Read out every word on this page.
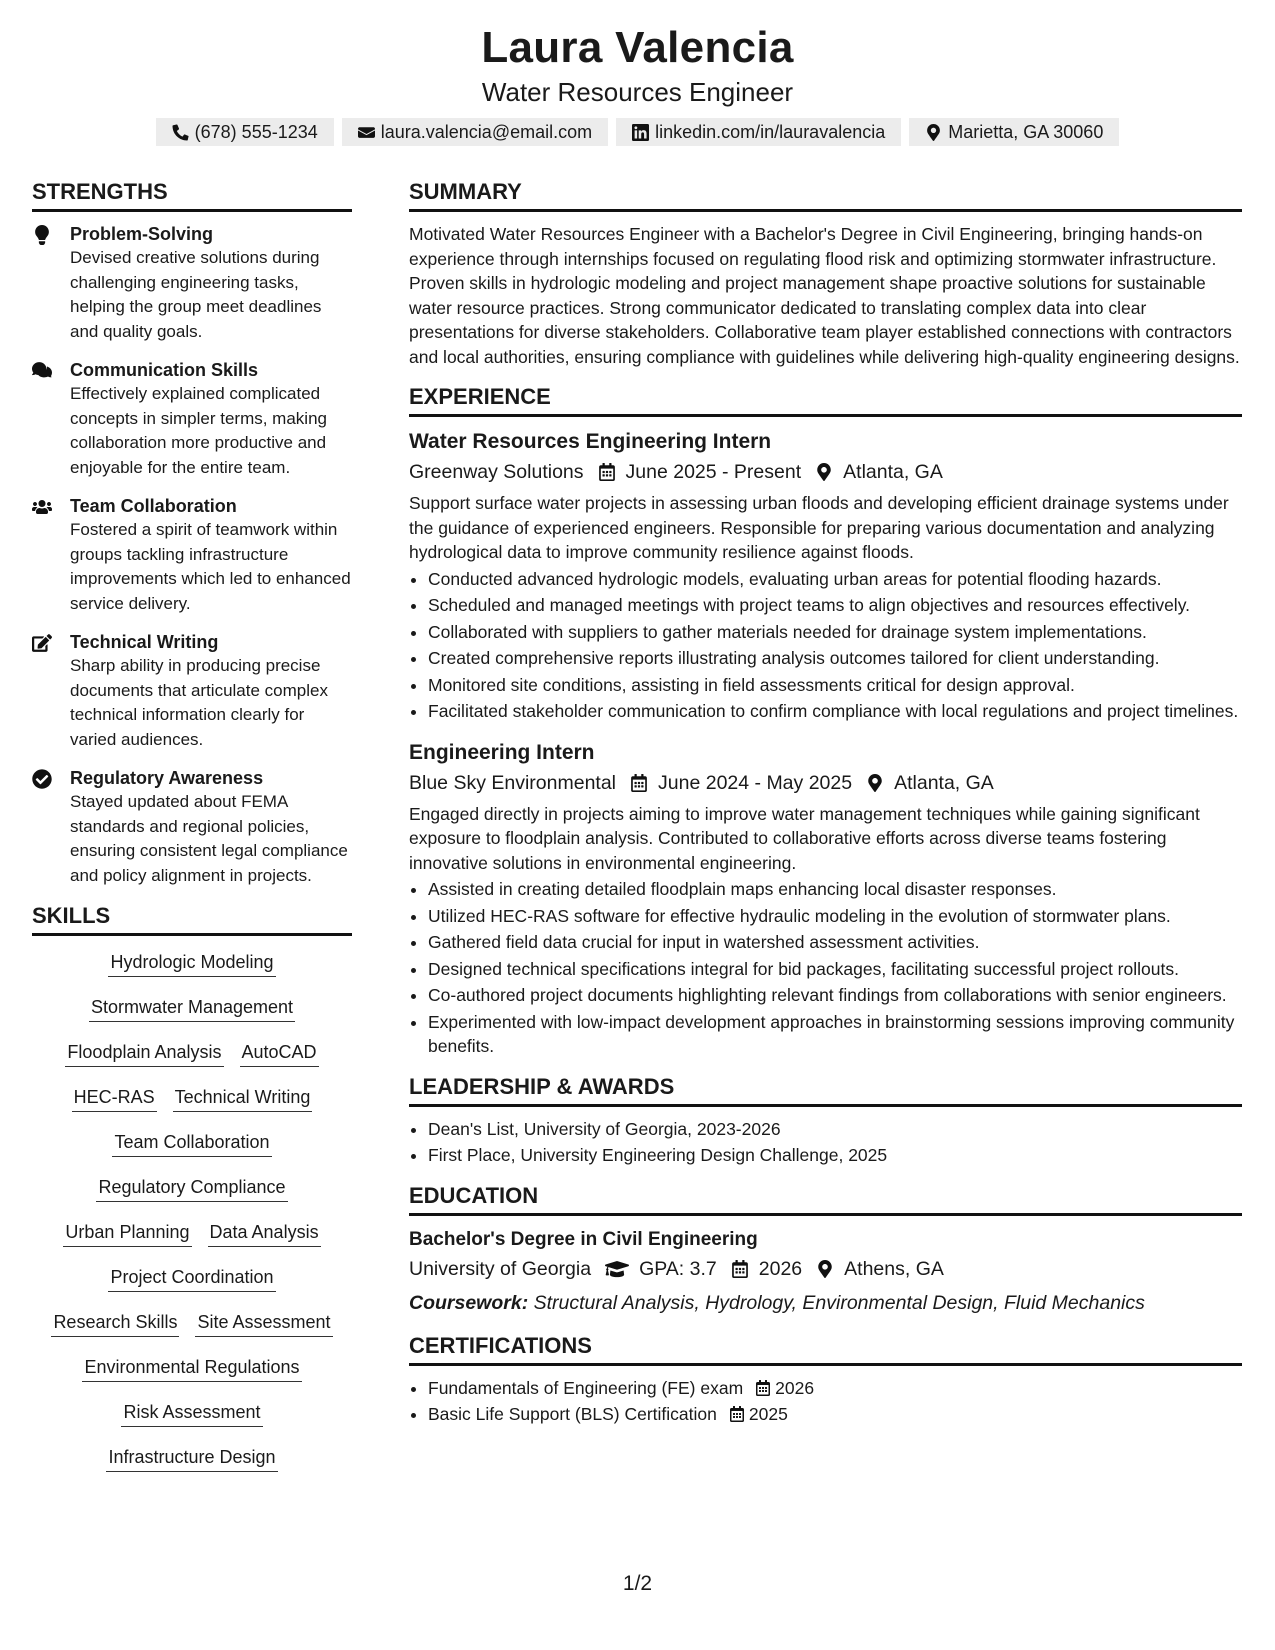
Laura Valencia
Water Resources Engineer
(678) 555-1234	laura.valencia@email.com	linkedin.com/in/lauravalencia	Marietta, GA 30060
STRENGTHS
Problem-Solving
Devised creative solutions during challenging engineering tasks, helping the group meet deadlines and quality goals.
Communication Skills
Effectively explained complicated concepts in simpler terms, making collaboration more productive and enjoyable for the entire team.
Team Collaboration
Fostered a spirit of teamwork within groups tackling infrastructure improvements which led to enhanced service delivery.
Technical Writing
Sharp ability in producing precise documents that articulate complex technical information clearly for varied audiences.
Regulatory Awareness
Stayed updated about FEMA standards and regional policies, ensuring consistent legal compliance and policy alignment in projects.
SKILLS
Hydrologic Modeling
Stormwater Management
Floodplain Analysis AutoCAD
HEC-RAS Technical Writing
Team Collaboration
Regulatory Compliance
Urban Planning Data Analysis
Project Coordination
Research Skills Site Assessment
Environmental Regulations
Risk Assessment
Infrastructure Design
SUMMARY

Motivated Water Resources Engineer with a Bachelor's Degree in Civil Engineering, bringing hands-on experience through internships focused on regulating flood risk and optimizing stormwater infrastructure. Proven skills in hydrologic modeling and project management shape proactive solutions for sustainable water resource practices. Strong communicator dedicated to translating complex data into clear presentations for diverse stakeholders. Collaborative team player established connections with contractors and local authorities, ensuring compliance with guidelines while delivering high-quality engineering designs.

EXPERIENCE
Water Resources Engineering Intern
Greenway Solutions June 2025 - Present Atlanta, GA

Support surface water projects in assessing urban floods and developing efficient drainage systems under the guidance of experienced engineers. Responsible for preparing various documentation and analyzing hydrological data to improve community resilience against floods.

• Conducted advanced hydrologic models, evaluating urban areas for potential flooding hazards.
• Scheduled and managed meetings with project teams to align objectives and resources effectively.
• Collaborated with suppliers to gather materials needed for drainage system implementations.
• Created comprehensive reports illustrating analysis outcomes tailored for client understanding.
• Monitored site conditions, assisting in field assessments critical for design approval.
• Facilitated stakeholder communication to confirm compliance with local regulations and project timelines.
Engineering Intern
Blue Sky Environmental June 2024 - May 2025 Atlanta, GA

Engaged directly in projects aiming to improve water management techniques while gaining significant exposure to floodplain analysis. Contributed to collaborative efforts across diverse teams fostering innovative solutions in environmental engineering.

• Assisted in creating detailed floodplain maps enhancing local disaster responses.
• Utilized HEC-RAS software for effective hydraulic modeling in the evolution of stormwater plans.
• Gathered field data crucial for input in watershed assessment activities.
• Designed technical specifications integral for bid packages, facilitating successful project rollouts.
• Co-authored project documents highlighting relevant findings from collaborations with senior engineers.
• Experimented with low-impact development approaches in brainstorming sessions improving community benefits.
LEADERSHIP & AWARDS
• Dean's List, University of Georgia, 2023-2026
• First Place, University Engineering Design Challenge, 2025
EDUCATION
Bachelor's Degree in Civil Engineering
University of Georgia GPA: 3.7 2026 Athens, GA
Coursework: Structural Analysis, Hydrology, Environmental Design, Fluid Mechanics
CERTIFICATIONS
• Fundamentals of Engineering (FE) exam 2026
• Basic Life Support (BLS) Certification 2025
1/2
